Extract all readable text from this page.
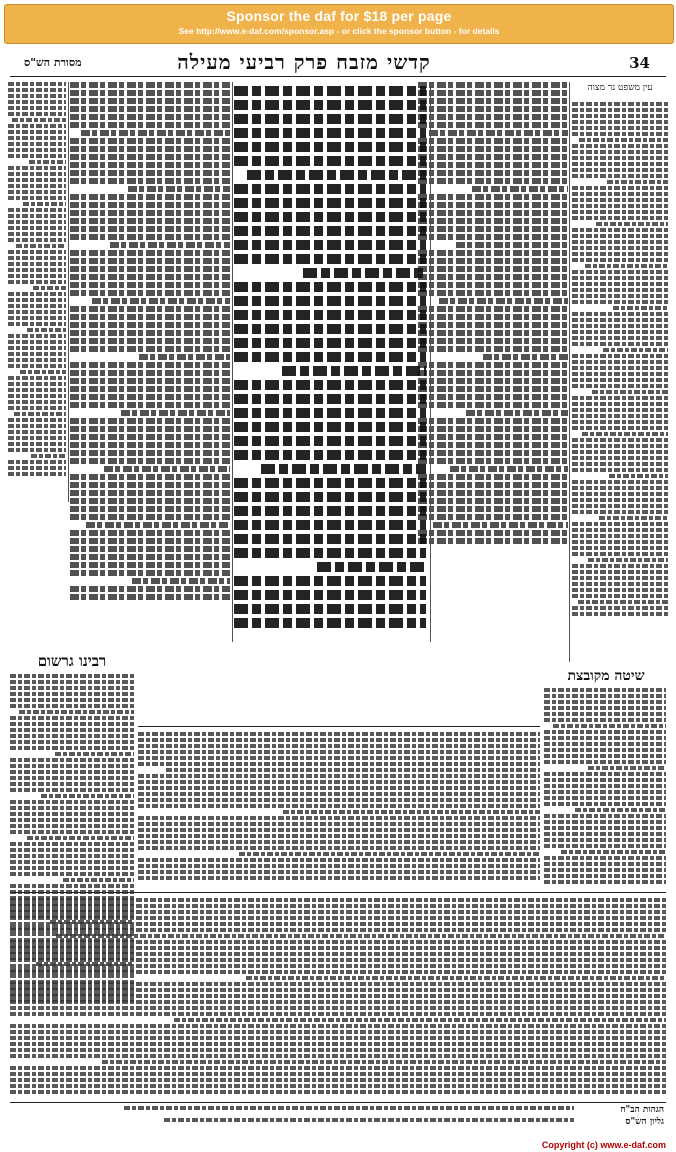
Sponsor the daf for $18 per page
See http://www.e-daf.com/sponsor.asp - or click the sponsor button - for details
34
קדשי מזבח פרק רביעי מעילה
מסורת הש"ס
עין משפט נר מצוה
רבינו גרשום
שיטה מקובצת
הגהות הב"ח
גליון הש"ס
Copyright (c) www.e-daf.com
